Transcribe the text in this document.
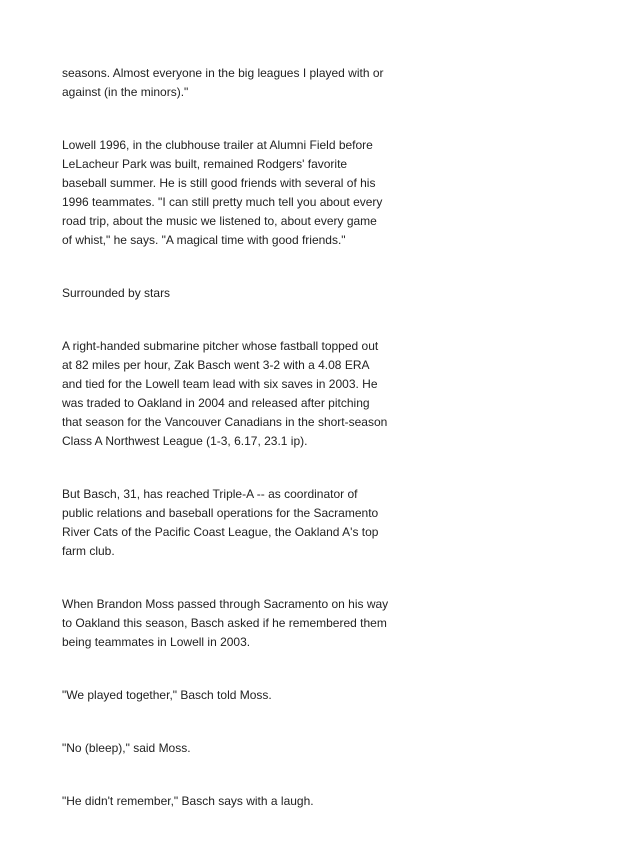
seasons. Almost everyone in the big leagues I played with or
against (in the minors)."

Lowell 1996, in the clubhouse trailer at Alumni Field before
LeLacheur Park was built, remained Rodgers' favorite
baseball summer. He is still good friends with several of his
1996 teammates. "I can still pretty much tell you about every
road trip, about the music we listened to, about every game
of whist," he says. "A magical time with good friends."

Surrounded by stars

A right-handed submarine pitcher whose fastball topped out
at 82 miles per hour, Zak Basch went 3-2 with a 4.08 ERA
and tied for the Lowell team lead with six saves in 2003. He
was traded to Oakland in 2004 and released after pitching
that season for the Vancouver Canadians in the short-season
Class A Northwest League (1-3, 6.17, 23.1 ip).

But Basch, 31, has reached Triple-A -- as coordinator of
public relations and baseball operations for the Sacramento
River Cats of the Pacific Coast League, the Oakland A's top
farm club.

When Brandon Moss passed through Sacramento on his way
to Oakland this season, Basch asked if he remembered them
being teammates in Lowell in 2003.

"We played together," Basch told Moss.

"No (bleep)," said Moss.

"He didn't remember," Basch says with a laugh.
